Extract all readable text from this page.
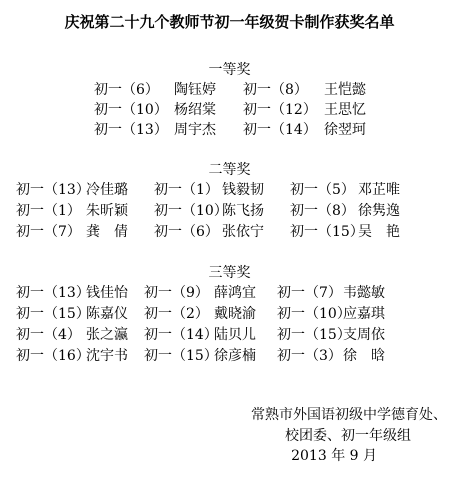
庆祝第二十九个教师节初一年级贺卡制作获奖名单
一等奖
初一（6） 陶钰婷 初一（8） 王恺懿
初一（10） 杨绍棠 初一（12） 王思忆
初一（13） 周宇杰 初一（14） 徐翌珂
二等奖
初一（13）
冷佳璐 初一（1） 钱毅韧 初一（5） 邓芷唯
初一（1） 朱昕颖 初一（10）
陈飞扬 初一（8） 徐隽逸
初一（7） 龚　倩 初一（6） 张依宁 初一（15）
吴　艳
三等奖
初一（13）
钱佳怡 初一（9） 薛鸿宜 初一（7） 韦懿敏
初一（15）
陈嘉仪 初一（2） 戴晓渝 初一（10）
应嘉琪
初一（4） 张之瀛 初一（14）
陆贝儿 初一（15）
支周依
初一（16）
沈宇书 初一（15）
徐彦楠 初一（3） 徐　晗
常熟市外国语初级中学德育处、
校团委、初一年级组
2013 年 9 月
